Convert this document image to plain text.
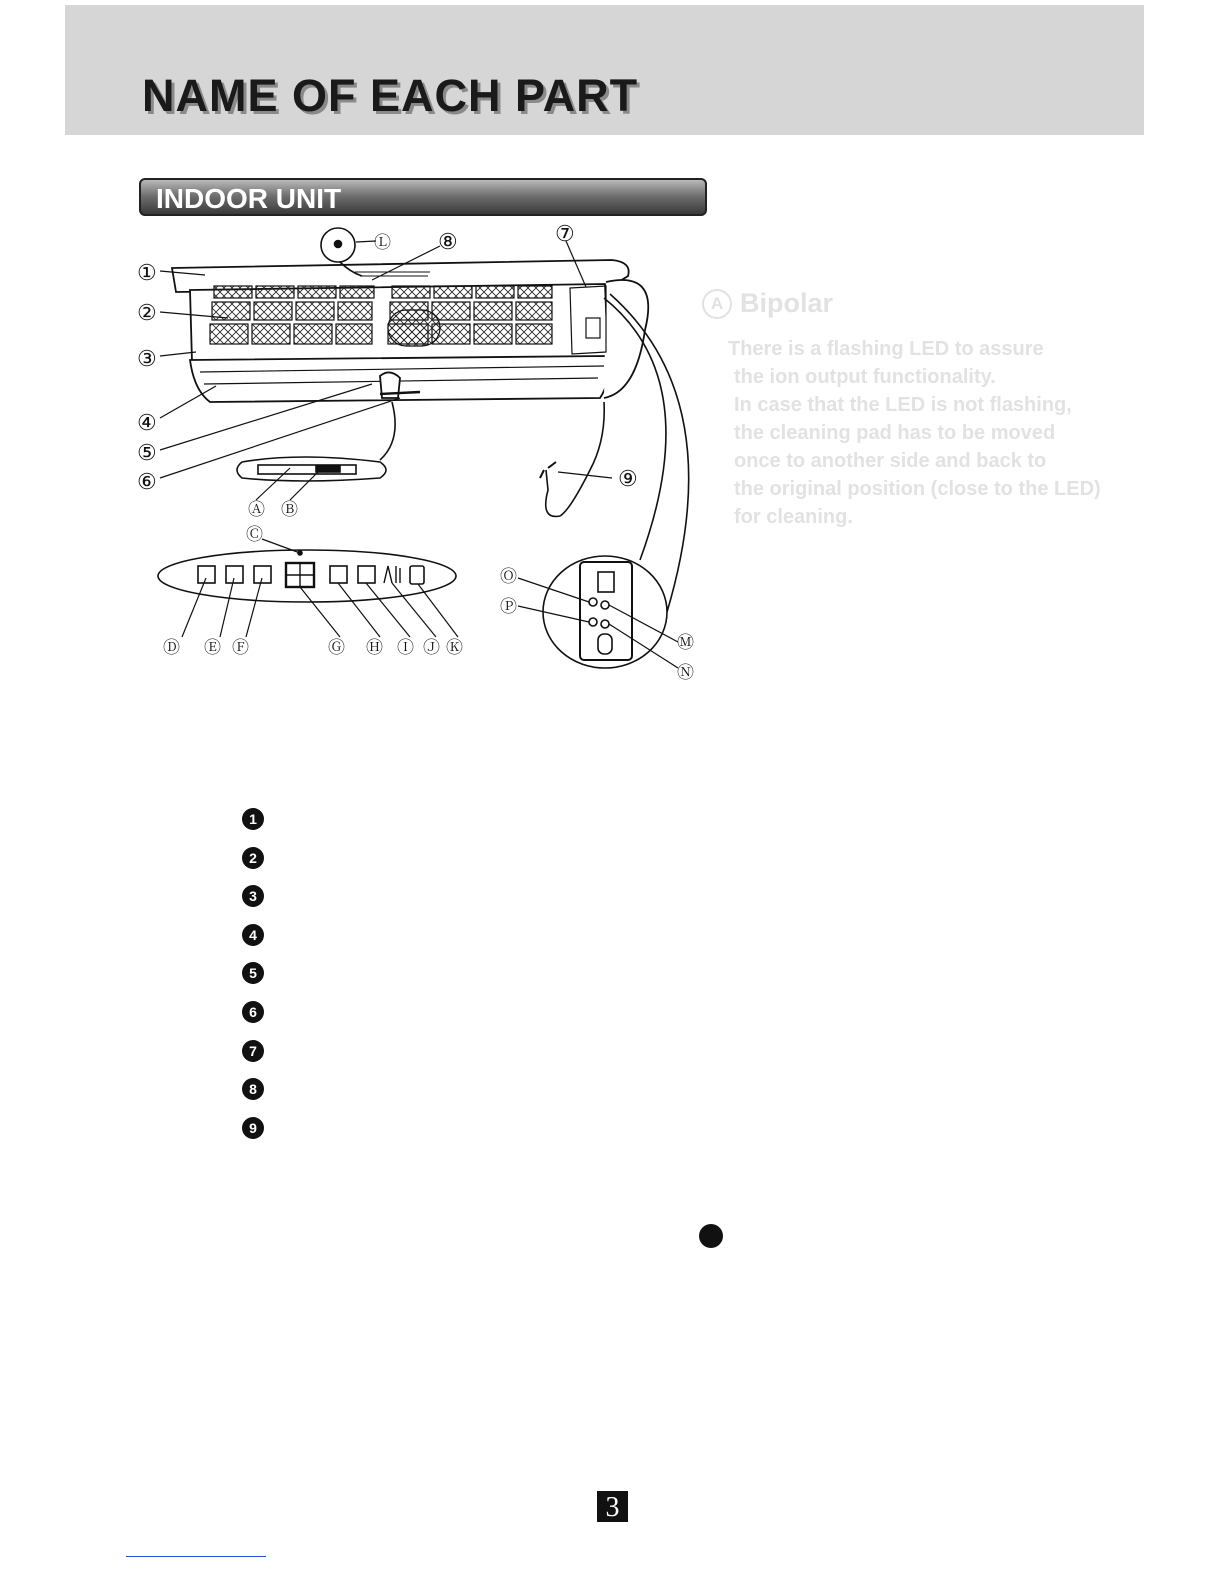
NAME OF EACH PART
INDOOR UNIT
①
②
③
④
⑤
⑥
⑦
⑧
⑨
Ⓐ Ⓑ
Ⓒ
Ⓓ Ⓔ Ⓕ	Ⓖ Ⓗ Ⓘ Ⓙ Ⓚ
Ⓛ
Ⓜ
Ⓝ
Ⓞ
Ⓟ
A Bipolar

There is a flashing LED to assure

the ion output functionality.

In case that the LED is not flashing,

the cleaning pad has to be moved

once to another side and back to

the original position (close to the LED)

for cleaning.

1
2
3
4
5
6
7
8
9
3
